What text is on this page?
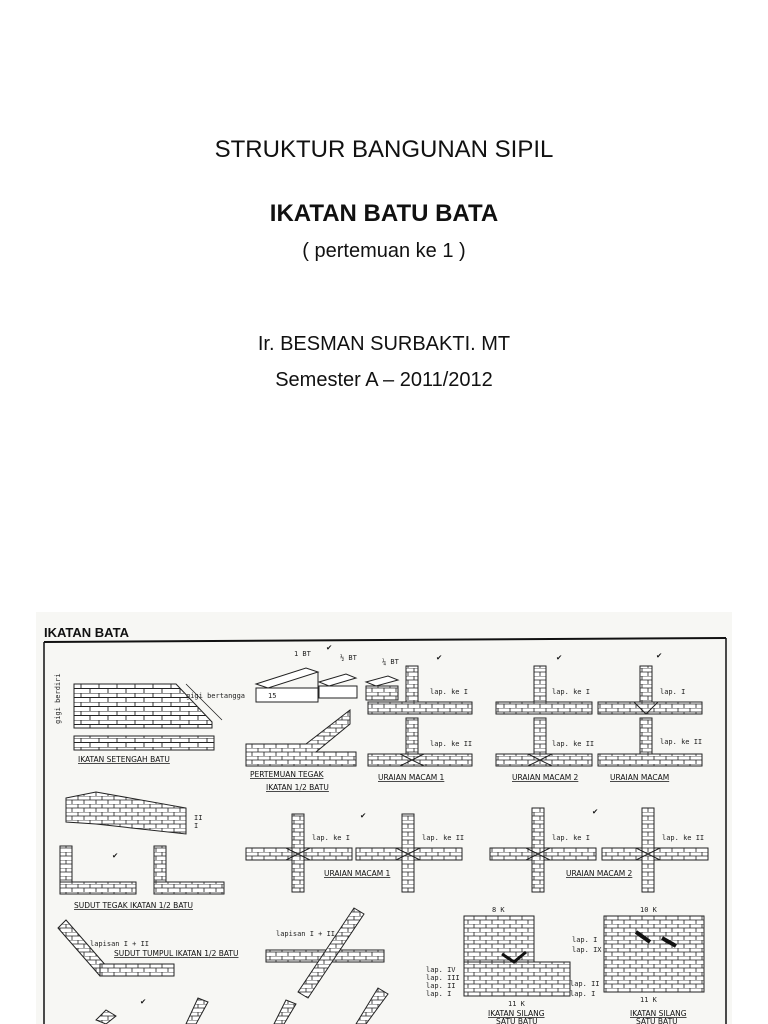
STRUKTUR BANGUNAN SIPIL
IKATAN BATU BATA
( pertemuan ke 1 )
Ir. BESMAN SURBAKTI. MT
Semester A – 2011/2012
IKATAN BATA
gigi berdiri	gigi bertangga
IKATAN SETENGAH BATU
1 BT	½ BT	¼ BT
15
✔
PERTEMUAN TEGAK
IKATAN 1/2 BATU
lap. ke I
lap. ke II
URAIAN MACAM 1
✔
lap. ke I
lap. ke II
URAIAN MACAM 2
✔
lap. I
lap. ke II
URAIAN MACAM
✔
II
I
✔
SUDUT TEGAK IKATAN 1/2 BATU
lap. ke I	lap. ke II
URAIAN MACAM 1
✔
lap. ke I	lap. ke II
URAIAN MACAM 2
✔
lapisan I + II
SUDUT TUMPUL IKATAN 1/2 BATU
✔
lapisan I + II
8 K
11 K
lap. IV
lap. III
lap. II
lap. I
IKATAN SILANG
SATU BATU
10 K
11 K
lap. I
lap. IX
lap. II
lap. I
IKATAN SILANG
SATU BATU
